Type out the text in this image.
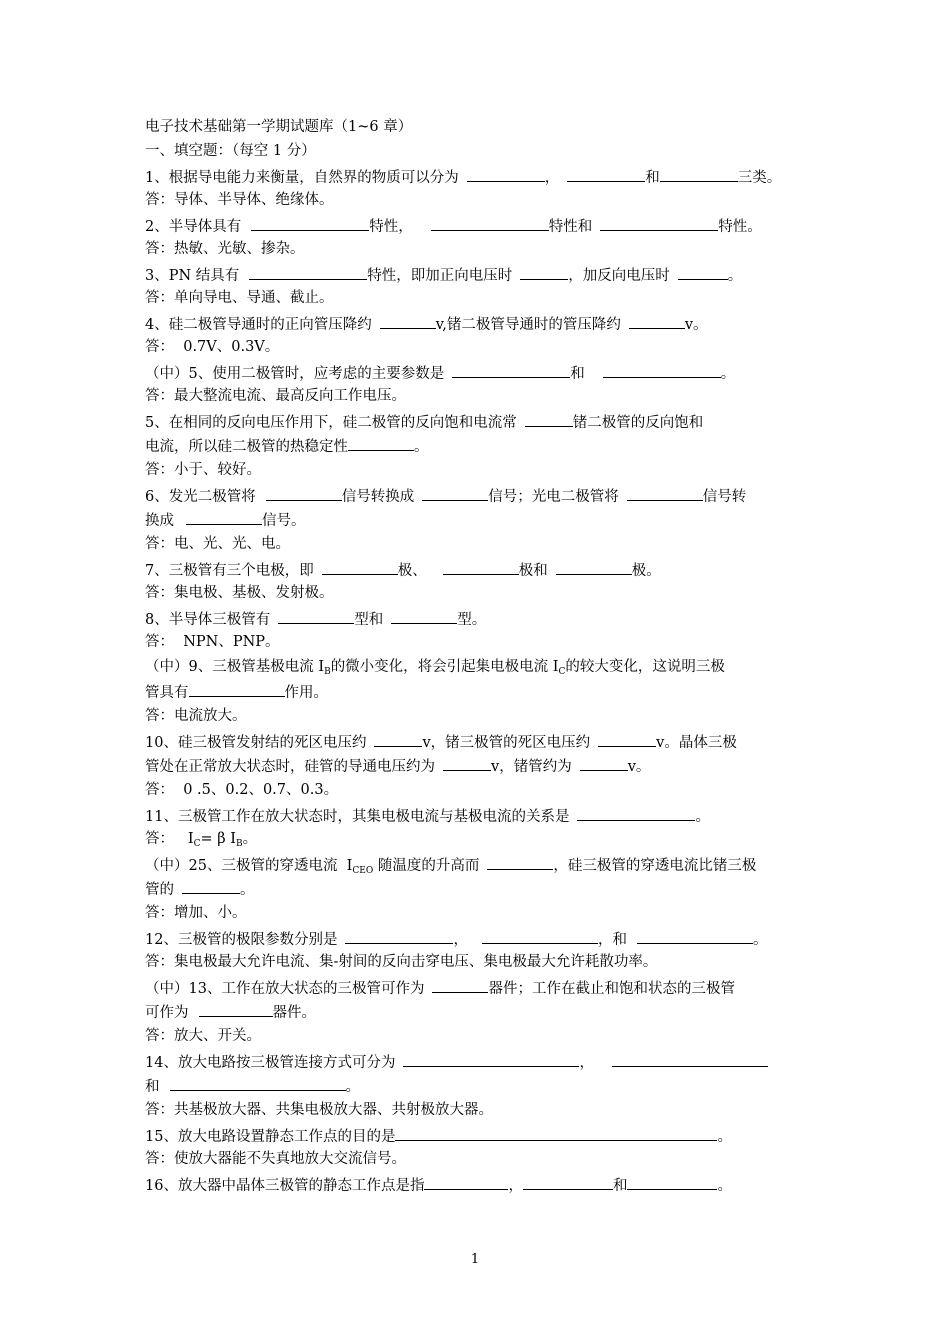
电子技术基础第一学期试题库（1~6 章）
一、填空题：（每空 1 分）
1、根据导电能力来衡量，自然界的物质可以分为	，	和	三类。
答：导体、半导体、绝缘体。
2、半导体具有	特性，	特性和	特性。
答：热敏、光敏、掺杂。
3、PN 结具有	特性，即加正向电压时	，加反向电压时	。
答：单向导电、导通、截止。
4、硅二极管导通时的正向管压降约	v,锗二极管导通时的管压降约	v。
答：  0.7V、0.3V。
（中）5、使用二极管时，应考虑的主要参数是	和	。
答：最大整流电流、最高反向工作电压。
5、在相同的反向电压作用下，硅二极管的反向饱和电流常	锗二极管的反向饱和
电流，所以硅二极管的热稳定性	。
答：小于、较好。
6、发光二极管将	信号转换成	信号；光电二极管将	信号转
换成	信号。
答：电、光、光、电。
7、三极管有三个电极，即	极、	极和	极。
答：集电极、基极、发射极。
8、半导体三极管有	型和	型。
答：  NPN、PNP。
（中）9、三极管基极电流 $I_B$的微小变化，将会引起集电极电流 $I_C$的较大变化，这说明三极
管具有	作用。
答：电流放大。
10、硅三极管发射结的死区电压约	v，锗三极管的死区电压约	v。晶体三极
管处在正常放大状态时，硅管的导通电压约为	v，锗管约为	v。
答：  0 .5、0.2、0.7、0.3。
11、三极管工作在放大状态时，其集电极电流与基极电流的关系是	。
答：   $I_C= \beta$ $I_B$。
（中）25、三极管的穿透电流  $I_{CEO}$ 随温度的升高而	，硅三极管的穿透电流比锗三极
管的	。
答：增加、小。
12、三极管的极限参数分别是	，	，和	。
答：集电极最大允许电流、集-射间的反向击穿电压、集电极最大允许耗散功率。
（中）13、工作在放大状态的三极管可作为	器件；工作在截止和饱和状态的三极管
可作为	器件。
答：放大、开关。
14、放大电路按三极管连接方式可分为	，
和	。
答：共基极放大器、共集电极放大器、共射极放大器。
15、放大电路设置静态工作点的目的是	。
答：使放大器能不失真地放大交流信号。
16、放大器中晶体三极管的静态工作点是指	，	和	。
1
